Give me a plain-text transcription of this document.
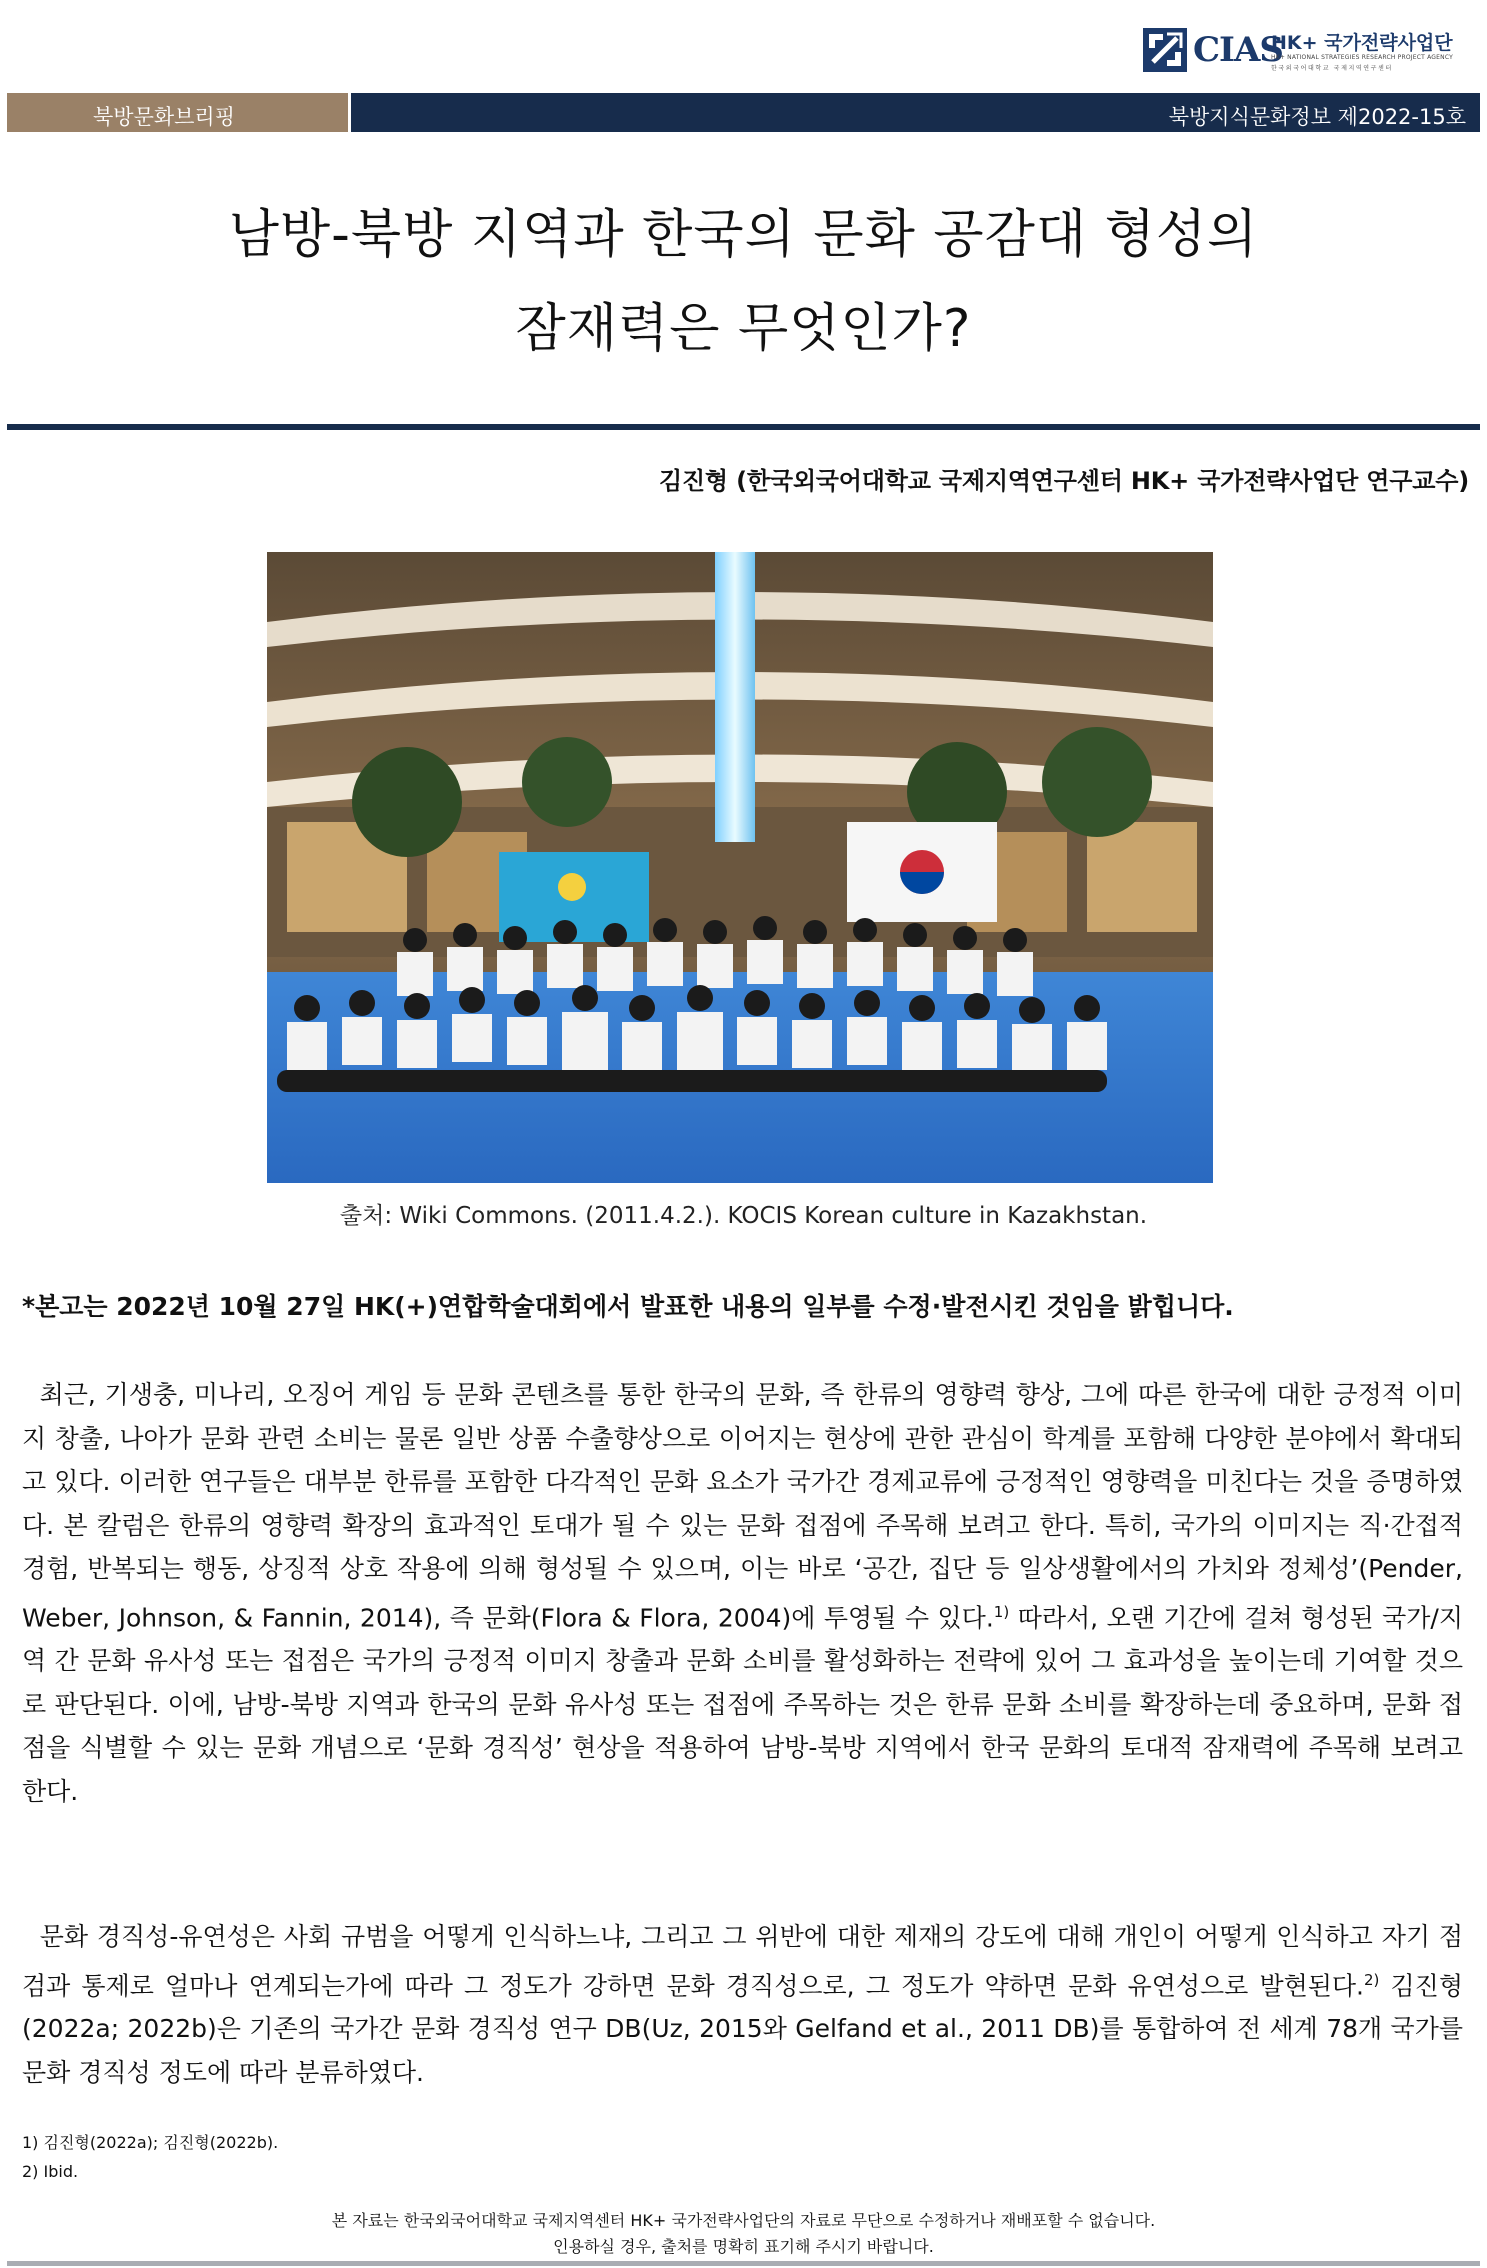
CIAS
HK+ 국가전략사업단
HK+ NATIONAL STRATEGIES RESEARCH PROJECT AGENCY
한국외국어대학교 국제지역연구센터
북방문화브리핑	북방지식문화정보 제2022-15호
남방-북방 지역과 한국의 문화 공감대 형성의
잠재력은 무엇인가?
김진형 (한국외국어대학교 국제지역연구센터 HK+ 국가전략사업단 연구교수)
출처: Wiki Commons. (2011.4.2.). KOCIS Korean culture in Kazakhstan.
*본고는 2022년 10월 27일 HK(+)연합학술대회에서 발표한 내용의 일부를 수정·발전시킨 것임을 밝힙니다.
최근, 기생충, 미나리, 오징어 게임 등 문화 콘텐츠를 통한 한국의 문화, 즉 한류의 영향력 향상, 그에 따른 한국에 대한 긍정적 이미지 창출, 나아가 문화 관련 소비는 물론 일반 상품 수출향상으로 이어지는 현상에 관한 관심이 학계를 포함해 다양한 분야에서 확대되고 있다. 이러한 연구들은 대부분 한류를 포함한 다각적인 문화 요소가 국가간 경제교류에 긍정적인 영향력을 미친다는 것을 증명하였다. 본 칼럼은 한류의 영향력 확장의 효과적인 토대가 될 수 있는 문화 접점에 주목해 보려고 한다. 특히, 국가의 이미지는 직·간접적 경험, 반복되는 행동, 상징적 상호 작용에 의해 형성될 수 있으며, 이는 바로 ‘공간, 집단 등 일상생활에서의 가치와 정체성’(Pender, Weber, Johnson, & Fannin, 2014), 즉 문화(Flora & Flora, 2004)에 투영될 수 있다.$^{1)}$ 따라서, 오랜 기간에 걸쳐 형성된 국가/지역 간 문화 유사성 또는 접점은 국가의 긍정적 이미지 창출과 문화 소비를 활성화하는 전략에 있어 그 효과성을 높이는데 기여할 것으로 판단된다. 이에, 남방-북방 지역과 한국의 문화 유사성 또는 접점에 주목하는 것은 한류 문화 소비를 확장하는데 중요하며, 문화 접점을 식별할 수 있는 문화 개념으로 ‘문화 경직성’ 현상을 적용하여 남방-북방 지역에서 한국 문화의 토대적 잠재력에 주목해 보려고 한다.
문화 경직성-유연성은 사회 규범을 어떻게 인식하느냐, 그리고 그 위반에 대한 제재의 강도에 대해 개인이 어떻게 인식하고 자기 점검과 통제로 얼마나 연계되는가에 따라 그 정도가 강하면 문화 경직성으로, 그 정도가 약하면 문화 유연성으로 발현된다.$^{2)}$ 김진형(2022a; 2022b)은 기존의 국가간 문화 경직성 연구 DB(Uz, 2015와 Gelfand et al., 2011 DB)를 통합하여 전 세계 78개 국가를 문화 경직성 정도에 따라 분류하였다.
1) 김진형(2022a); 김진형(2022b).
2) Ibid.
본 자료는 한국외국어대학교 국제지역센터 HK+ 국가전략사업단의 자료로 무단으로 수정하거나 재배포할 수 없습니다.
인용하실 경우, 출처를 명확히 표기해 주시기 바랍니다.
